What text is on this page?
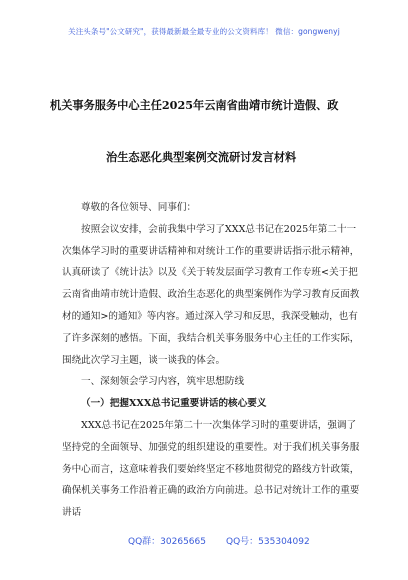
关注头条号"公文研究"，获得最新最全最专业的公文资料库！ 微信：gongwenyj
机关事务服务中心主任2025年云南省曲靖市统计造假、政
治生态恶化典型案例交流研讨发言材料

尊敬的各位领导、同事们：

按照会议安排，会前我集中学习了XXX总书记在2025年第二十一次集体学习时的重要讲话精神和对统计工作的重要讲话指示批示精神，认真研读了《统计法》以及《关于转发层面学习教育工作专班<关于把云南省曲靖市统计造假、政治生态恶化的典型案例作为学习教育反面教材的通知>的通知》等内容。通过深入学习和反思，我深受触动，也有了许多深刻的感悟。下面，我结合机关事务服务中心主任的工作实际，围绕此次学习主题，谈一谈我的体会。

一、深刻领会学习内容，筑牢思想防线

（一）把握XXX总书记重要讲话的核心要义

XXX总书记在2025年第二十一次集体学习时的重要讲话，强调了坚持党的全面领导、加强党的组织建设的重要性。对于我们机关事务服务中心而言，这意味着我们要始终坚定不移地贯彻党的路线方针政策，确保机关事务工作沿着正确的政治方向前进。总书记对统计工作的重要讲话

QQ群：30265665 QQ号：535304092
